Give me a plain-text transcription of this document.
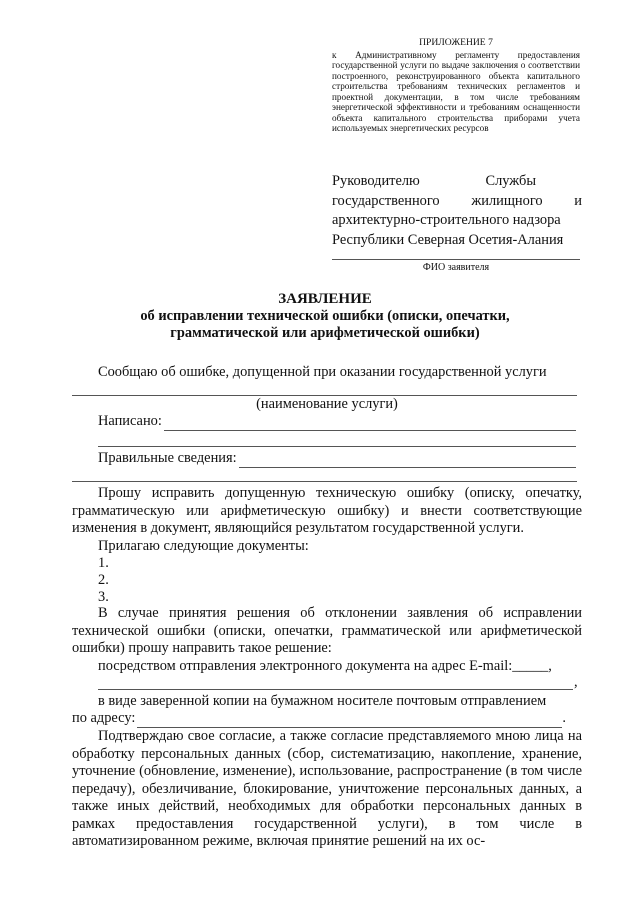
ПРИЛОЖЕНИЕ 7
к Административному регламенту предоставления государственной услуги по выдаче заключения о соответствии построенного, реконструированного объекта капитального строительства требованиям технических регламентов и проектной документации, в том числе требованиям энергетической эффективности и требованиям оснащенности объекта капитального строительства приборами учета используемых энергетических ресурсов
Руководителю	Службы
государственного жилищного и
архитектурно-строительного надзора
Республики Северная Осетия-Алания
ФИО заявителя
ЗАЯВЛЕНИЕ
об исправлении технической ошибки (описки, опечатки,
грамматической или арифметической ошибки)
Сообщаю об ошибке, допущенной при оказании государственной услуги
(наименование услуги)
Написано:
Правильные сведения:
Прошу исправить допущенную техническую ошибку (описку, опечатку, грамматическую или арифметическую ошибку) и внести соответствующие изменения в документ, являющийся результатом государственной услуги.
Прилагаю следующие документы:
1.
2.
3.
В случае принятия решения об отклонении заявления об исправлении технической ошибки (описки, опечатки, грамматической или арифметической ошибки) прошу направить такое решение:
посредством отправления электронного документа на адрес E-mail:_____,
,
в виде заверенной копии на бумажном носителе почтовым отправлением
по адресу:	.
Подтверждаю свое согласие, а также согласие представляемого мною лица на обработку персональных данных (сбор, систематизацию, накопление, хранение, уточнение (обновление, изменение), использование, распространение (в том числе передачу), обезличивание, блокирование, уничтожение персональных данных, а также иных действий, необходимых для обработки персональных данных в рамках предоставления государственной услуги), в том числе в автоматизированном режиме, включая принятие решений на их ос-
